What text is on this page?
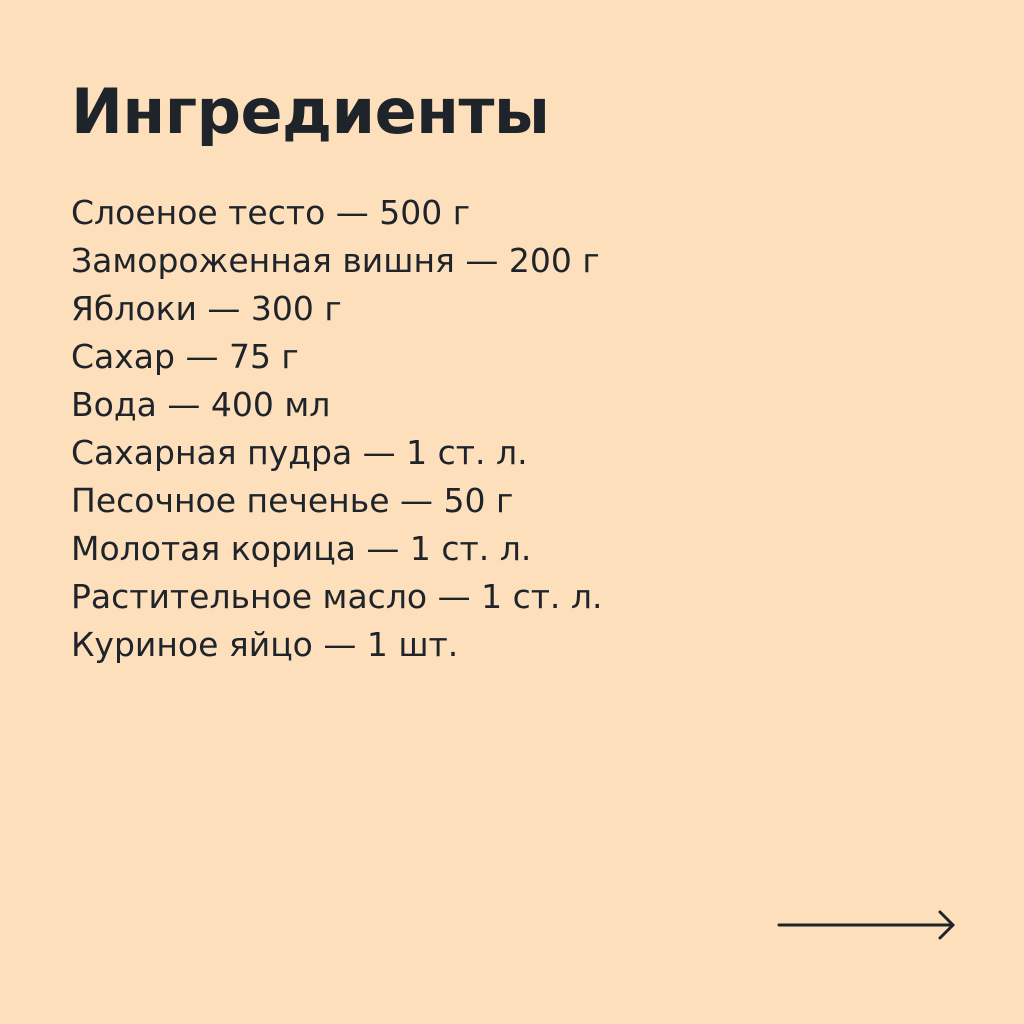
Ингредиенты
Слоеное тесто — 500 г
Замороженная вишня — 200 г
Яблоки — 300 г
Сахар — 75 г
Вода — 400 мл
Сахарная пудра — 1 ст. л.
Песочное печенье — 50 г
Молотая корица — 1 ст. л.
Растительное масло — 1 ст. л.
Куриное яйцо — 1 шт.
